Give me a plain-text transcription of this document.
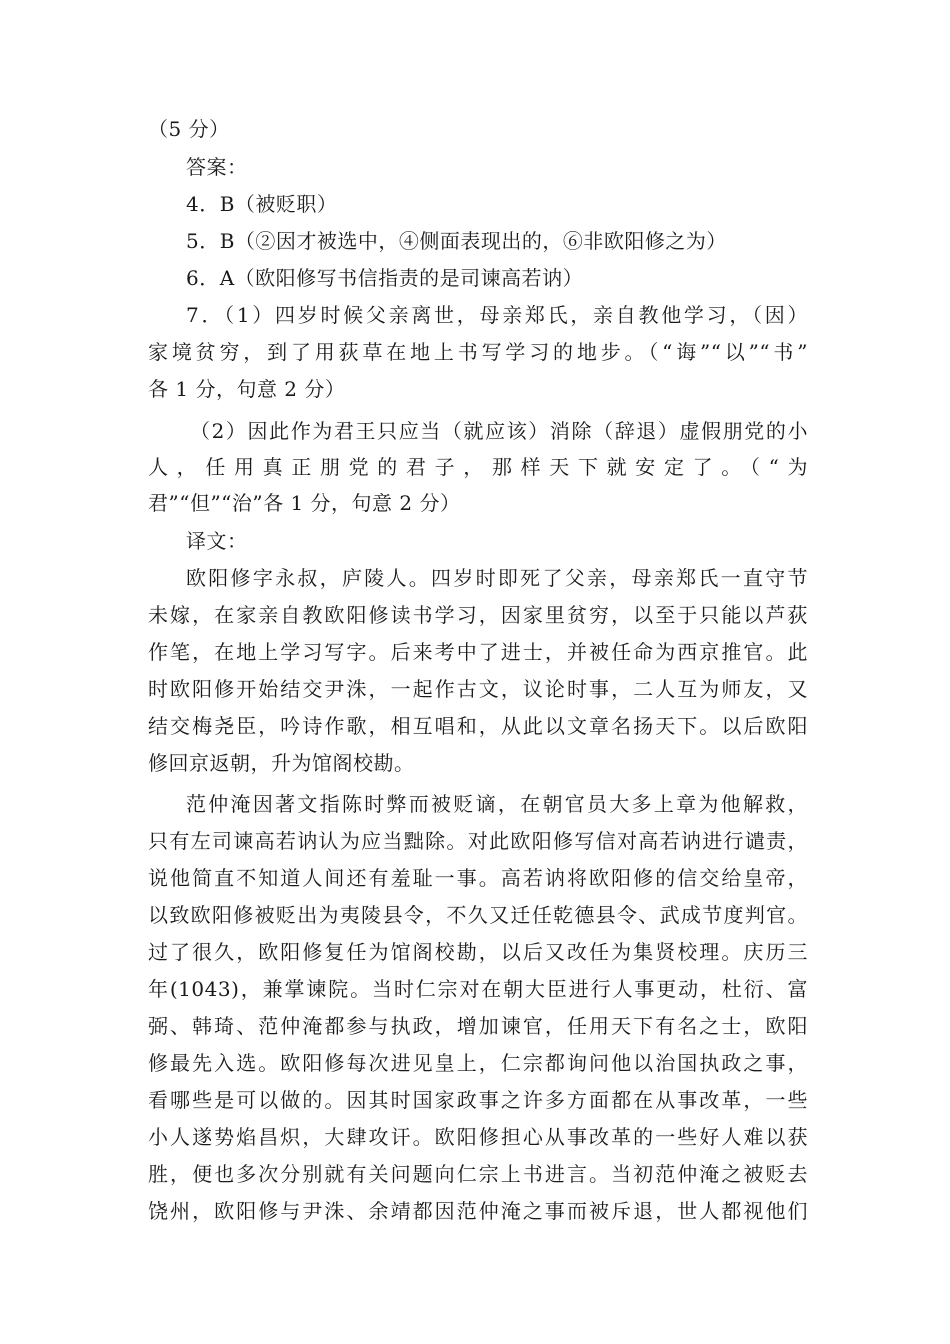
（5 分）
答案：
4．B（被贬职）
5．B（②因才被选中，④侧面表现出的，⑥非欧阳修之为）
6．A（欧阳修写书信指责的是司谏高若讷）
7．（1）四岁时候父亲离世，母亲郑氏，亲自教他学习，（因）
家境贫穷，到了用荻草在地上书写学习的地步。（“诲”“以”“书”
各 1 分，句意 2 分）
（2）因此作为君王只应当（就应该）消除（辞退）虚假朋党的小
人，任用真正朋党的君子，那样天下就安定了。（“为
君”“但”“治”各 1 分，句意 2 分）
译文：
欧阳修字永叔，庐陵人。四岁时即死了父亲，母亲郑氏一直守节
未嫁，在家亲自教欧阳修读书学习，因家里贫穷，以至于只能以芦荻
作笔，在地上学习写字。后来考中了进士，并被任命为西京推官。此
时欧阳修开始结交尹洙，一起作古文，议论时事，二人互为师友，又
结交梅尧臣，吟诗作歌，相互唱和，从此以文章名扬天下。以后欧阳
修回京返朝，升为馆阁校勘。
范仲淹因著文指陈时弊而被贬谪，在朝官员大多上章为他解救，
只有左司谏高若讷认为应当黜除。对此欧阳修写信对高若讷进行谴责，
说他简直不知道人间还有羞耻一事。高若讷将欧阳修的信交给皇帝，
以致欧阳修被贬出为夷陵县令，不久又迁任乾德县令、武成节度判官。
过了很久，欧阳修复任为馆阁校勘，以后又改任为集贤校理。庆历三
年(1043)，兼掌谏院。当时仁宗对在朝大臣进行人事更动，杜衍、富
弼、韩琦、范仲淹都参与执政，增加谏官，任用天下有名之士，欧阳
修最先入选。欧阳修每次进见皇上，仁宗都询问他以治国执政之事，
看哪些是可以做的。因其时国家政事之许多方面都在从事改革，一些
小人遂势焰昌炽，大肆攻讦。欧阳修担心从事改革的一些好人难以获
胜，便也多次分别就有关问题向仁宗上书进言。当初范仲淹之被贬去
饶州，欧阳修与尹洙、余靖都因范仲淹之事而被斥退，世人都视他们
